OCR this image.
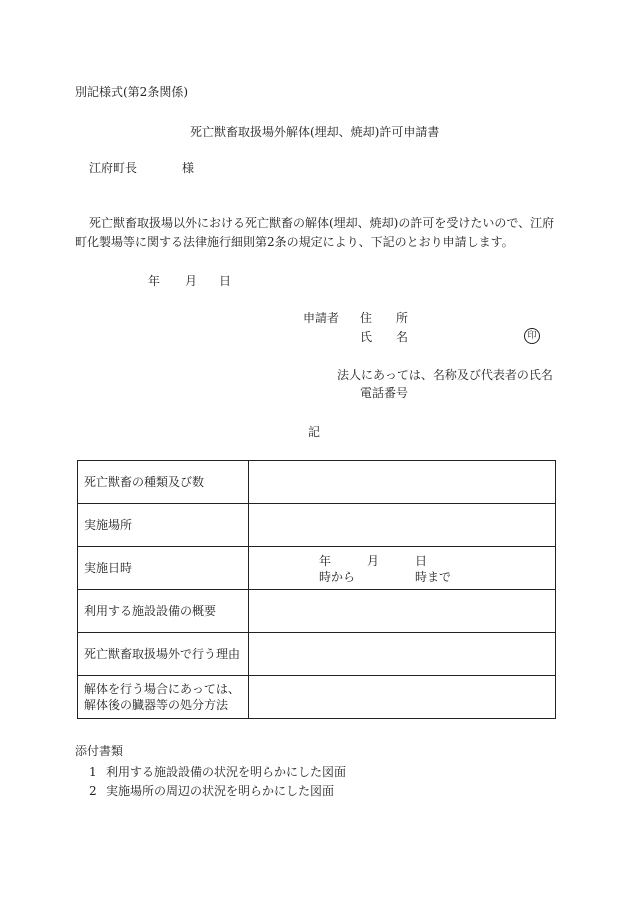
別記様式(第2条関係)
死亡獣畜取扱場外解体(埋却、焼却)許可申請書
江府町長	様
死亡獣畜取扱場以外における死亡獣畜の解体(埋却、焼却)の許可を受けたいので、江府町化製場等に関する法律施行細則第2条の規定により、下記のとおり申請します。
年 月 日
申請者 住 所
氏 名	印
法人にあっては、名称及び代表者の氏名
電話番号
記
死亡獣畜の種類及び数	
実施場所	
実施日時	年 月 日
時から 時まで

利用する施設設備の概要	
死亡獣畜取扱場外で行う理由	

解体を行う場合にあっては、
解体後の臓器等の処分方法	

添付書類
1 利用する施設設備の状況を明らかにした図面
2 実施場所の周辺の状況を明らかにした図面
